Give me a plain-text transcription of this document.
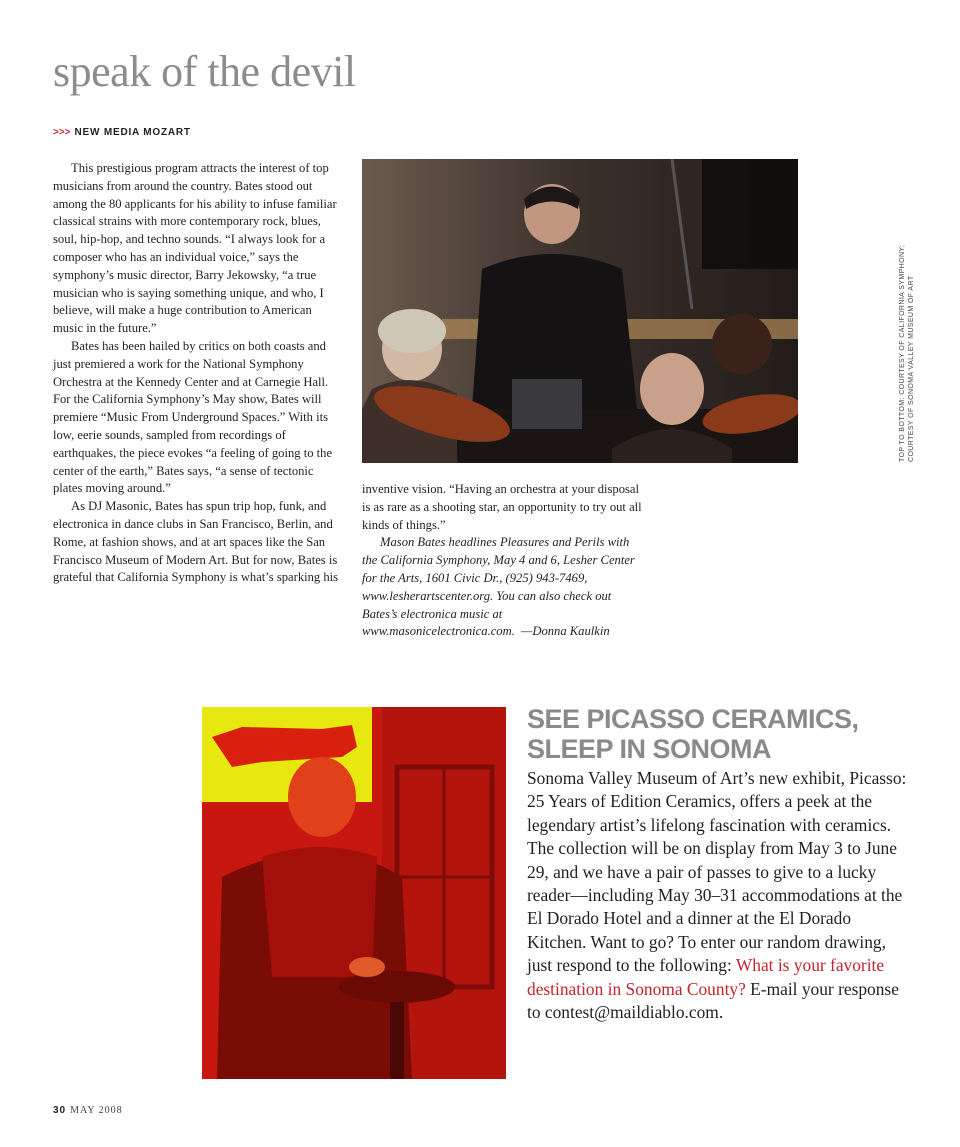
speak of the devil
>>> NEW MEDIA MOZART

This prestigious program attracts the interest of top musicians from around the country. Bates stood out among the 80 applicants for his ability to infuse familiar classical strains with more contemporary rock, blues, soul, hip-hop, and techno sounds. “I always look for a composer who has an individual voice,” says the symphony’s music director, Barry Jekowsky, “a true musician who is saying something unique, and who, I believe, will make a huge contribution to American music in the future.”

Bates has been hailed by critics on both coasts and just premiered a work for the National Symphony Orchestra at the Kennedy Center and at Carnegie Hall. For the California Symphony’s May show, Bates will premiere “Music From Underground Spaces.” With its low, eerie sounds, sampled from recordings of earthquakes, the piece evokes “a feeling of going to the center of the earth,” Bates says, “a sense of tectonic plates moving around.”

As DJ Masonic, Bates has spun trip hop, funk, and electronica in dance clubs in San Francisco, Berlin, and Rome, at fashion shows, and at art spaces like the San Francisco Museum of Modern Art. But for now, Bates is grateful that California Symphony is what’s sparking his

TOP TO BOTTOM: COURTESY OF CALIFORNIA SYMPHONY; COURTESY OF SONOMA VALLEY MUSEUM OF ART

inventive vision. “Having an orchestra at your disposal is as rare as a shooting star, an opportunity to try out all kinds of things.”

Mason Bates headlines Pleasures and Perils with the California Symphony, May 4 and 6, Lesher Center for the Arts, 1601 Civic Dr., (925) 943-7469, www.lesherartscenter.org. You can also check out Bates’s electronica music at www.masonicelectronica.com. —Donna Kaulkin

SEE PICASSO CERAMICS,
SLEEP IN SONOMA
Sonoma Valley Museum of Art’s new exhibit, Picasso: 25 Years of Edition Ceramics, offers a peek at the legendary artist’s lifelong fascination with ceramics. The collection will be on display from May 3 to June 29, and we have a pair of passes to give to a lucky reader—including May 30–31 accommodations at the El Dorado Hotel and a dinner at the El Dorado Kitchen. Want to go? To enter our random drawing, just respond to the following: What is your favorite destination in Sonoma County? E-mail your response to contest@maildiablo.com.
30 MAY 2008
